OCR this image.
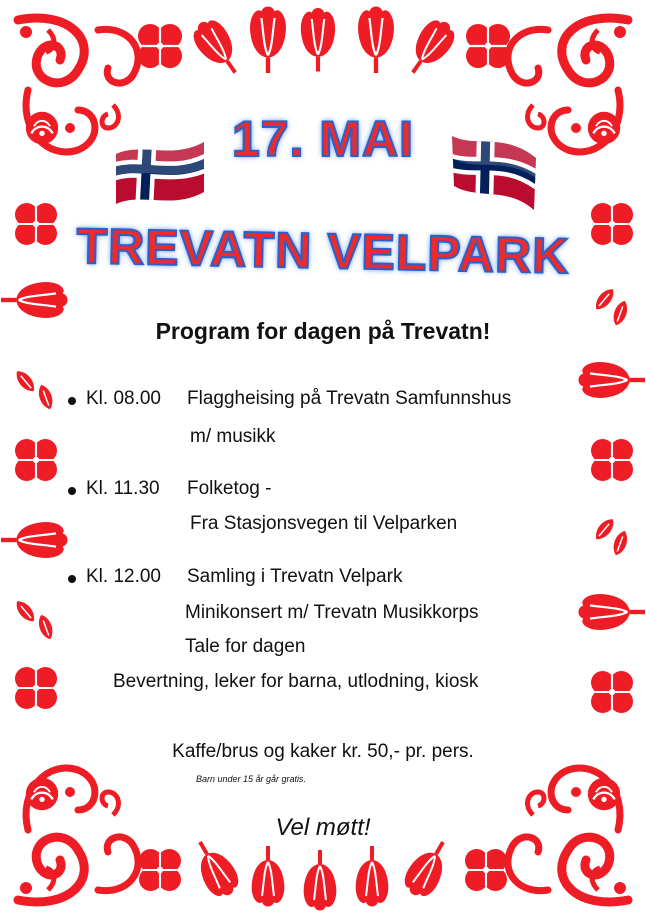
17. MAI
TREVATN VELPARK
Program for dagen på Trevatn!
Kl. 08.00 Flaggheising på Trevatn Samfunnshus
m/ musikk
Kl. 11.30 Folketog -
Fra Stasjonsvegen til Velparken
Kl. 12.00 Samling i Trevatn Velpark
Minikonsert m/ Trevatn Musikkorps
Tale for dagen
Bevertning, leker for barna, utlodning, kiosk
Kaffe/brus og kaker kr. 50,- pr. pers.
Barn under 15 år går gratis.
Vel møtt!
